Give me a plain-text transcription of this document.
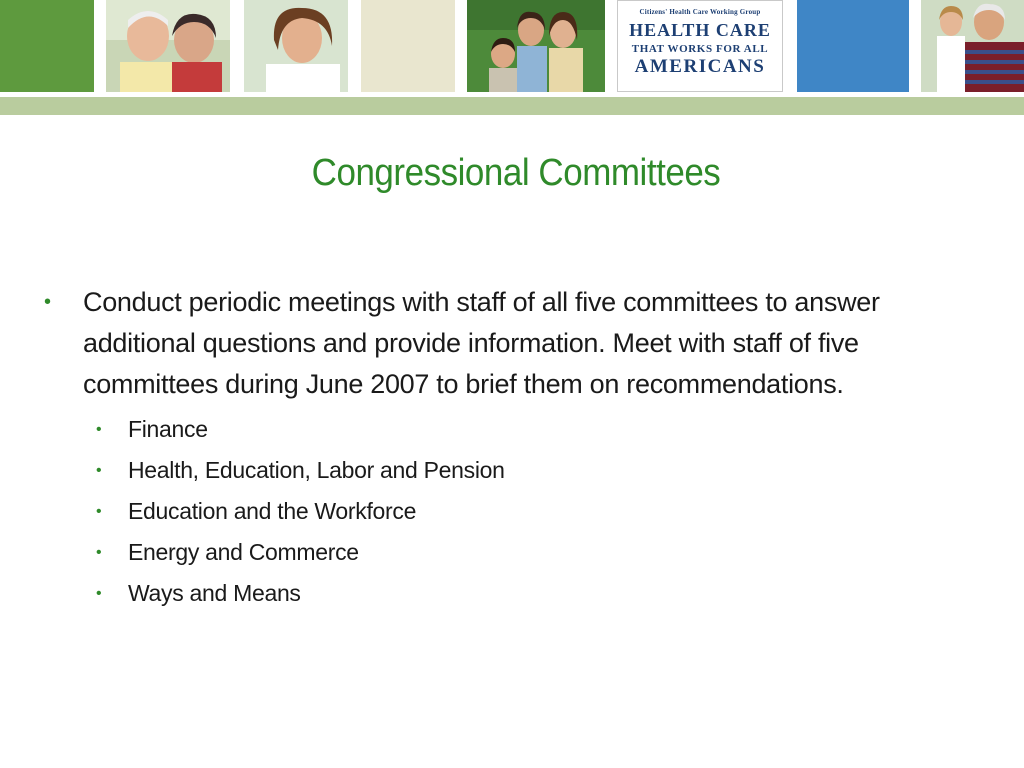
Citizens' Health Care Working Group
HEALTH CARE
THAT WORKS FOR ALL
AMERICANS
Congressional Committees
• Conduct periodic meetings with staff of all five committees to answer additional questions and provide information. Meet with staff of five committees during June 2007 to brief them on recommendations.
• Finance
• Health, Education, Labor and Pension
• Education and the Workforce
• Energy and Commerce
• Ways and Means
